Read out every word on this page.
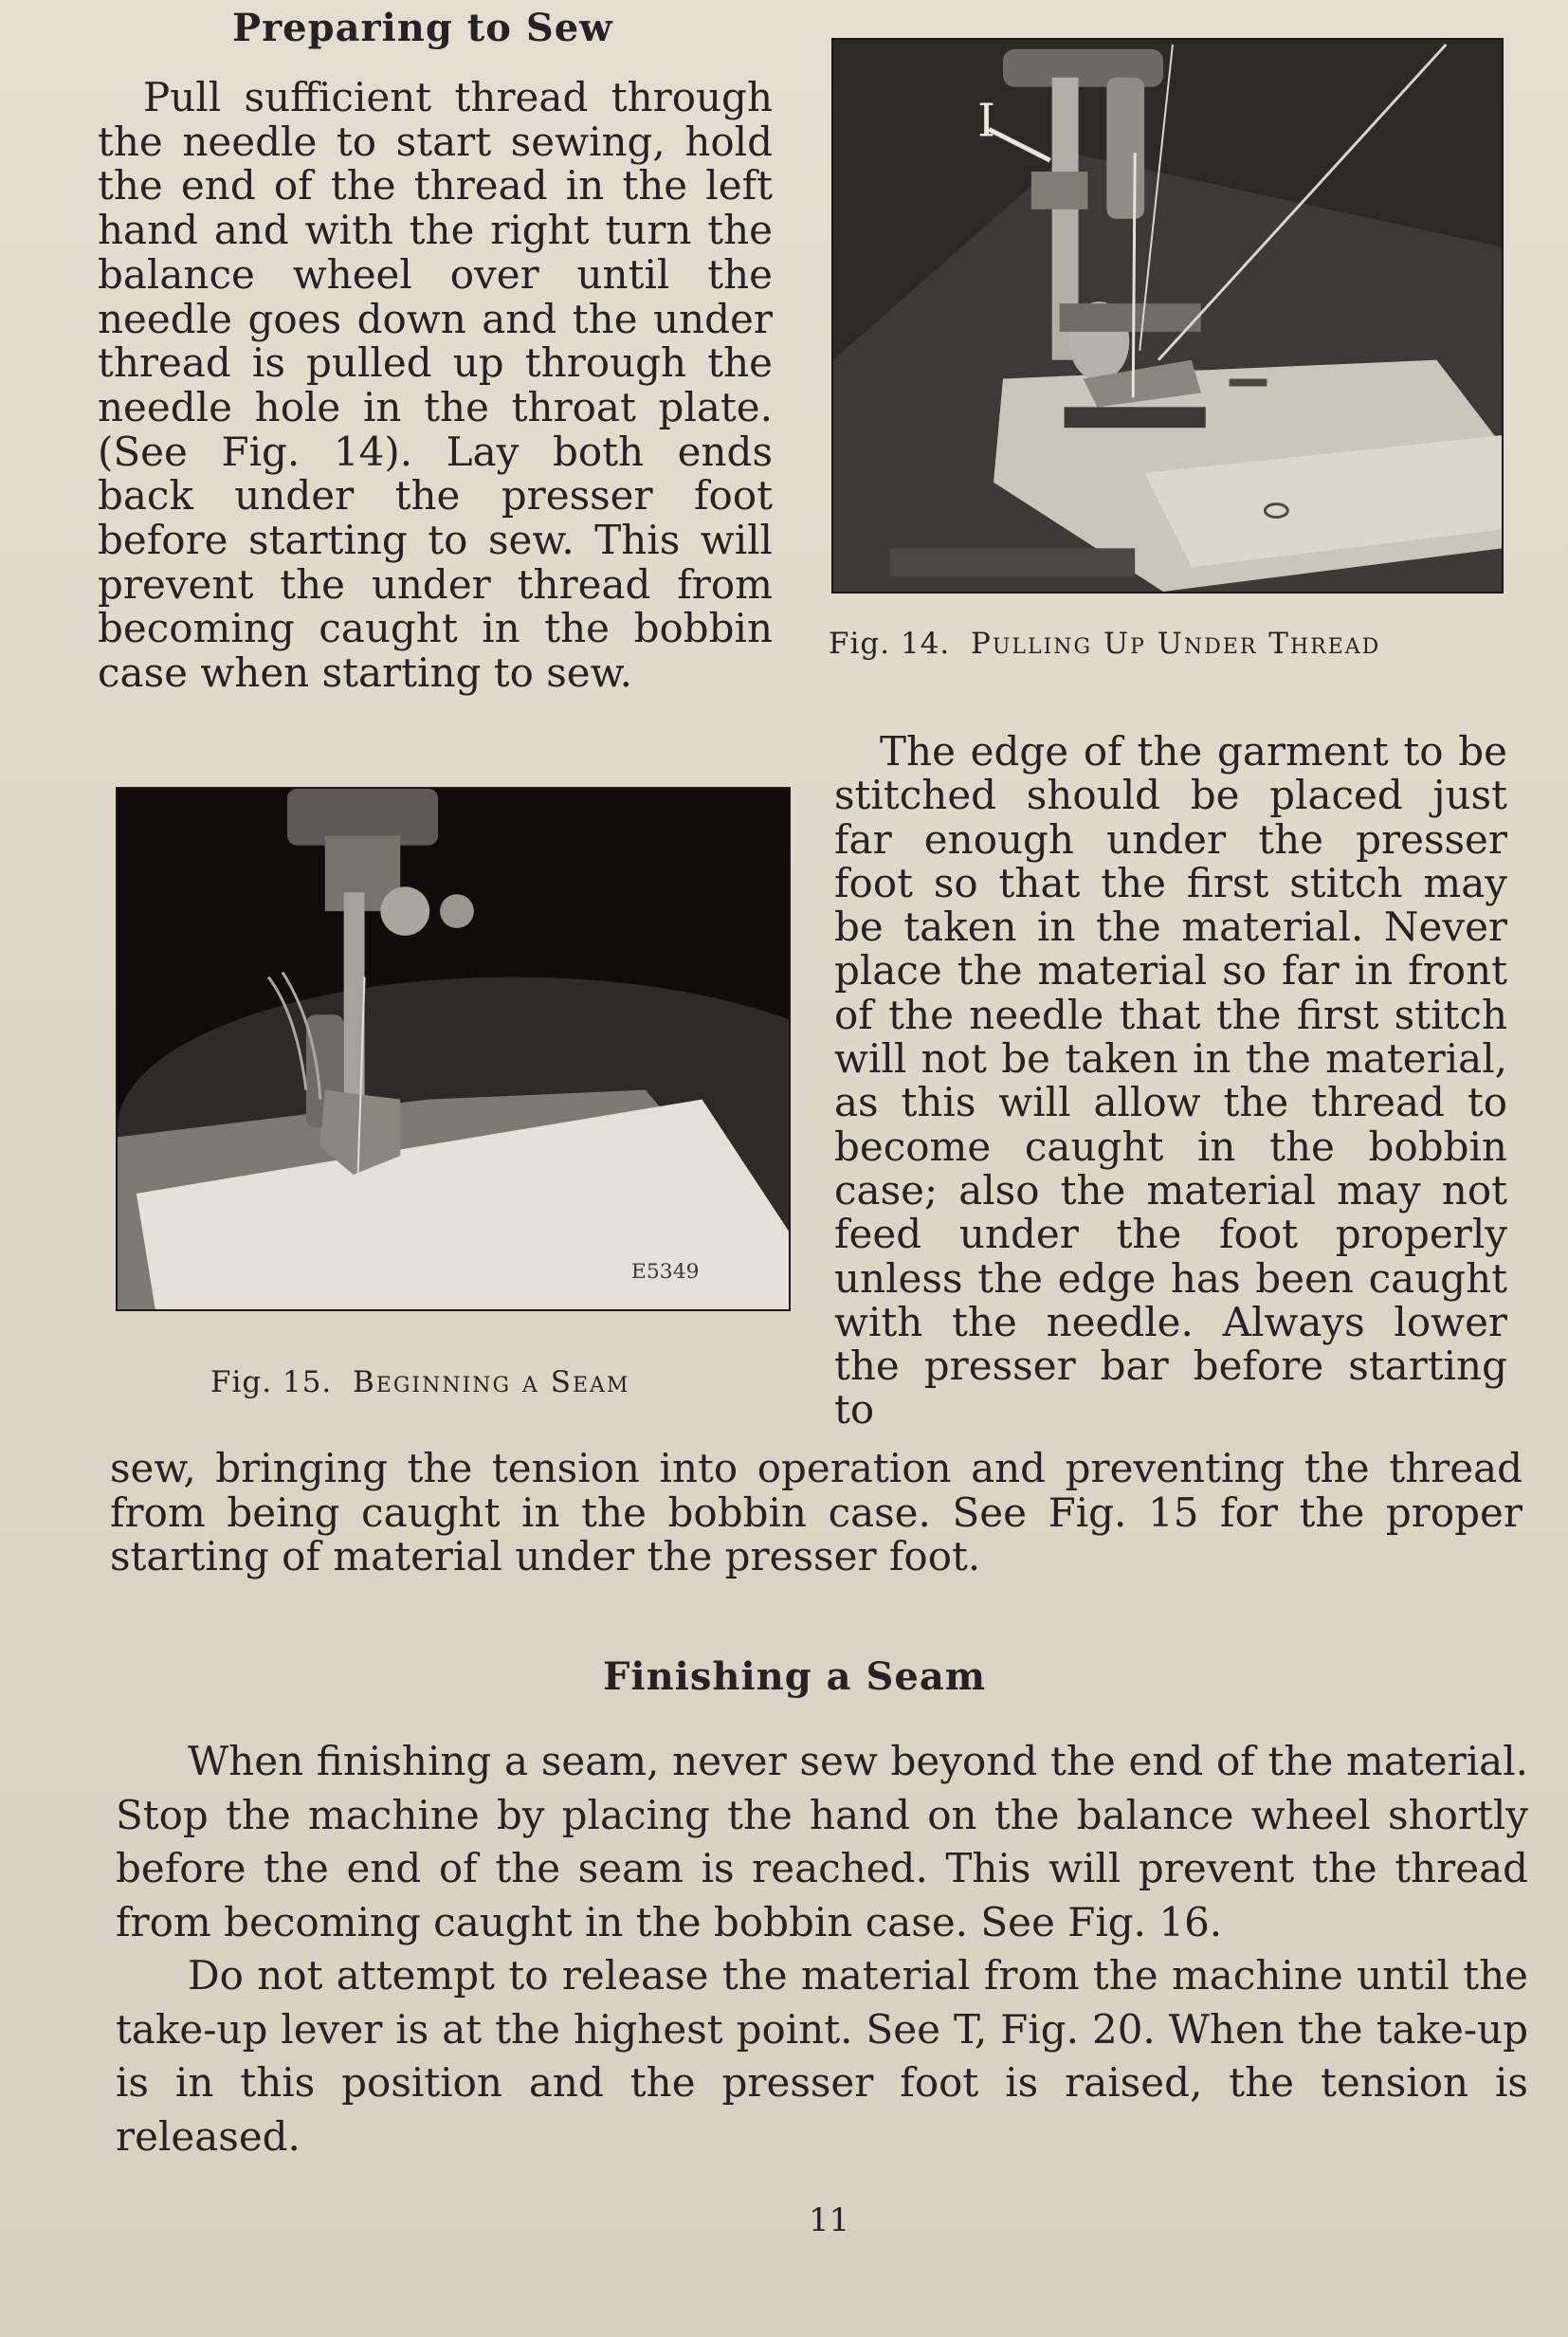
Preparing to Sew

Pull sufficient thread through the needle to start sewing, hold the end of the thread in the left hand and with the right turn the balance wheel over until the needle goes down and the under thread is pulled up through the needle hole in the throat plate. (See Fig. 14). Lay both ends back under the presser foot before starting to sew. This will prevent the under thread from becoming caught in the bobbin case when starting to sew.

I
Fig. 14. Pulling Up Under Thread
E5349
Fig. 15. Beginning a Seam

The edge of the garment to be stitched should be placed just far enough under the presser foot so that the first stitch may be taken in the material. Never place the material so far in front of the needle that the first stitch will not be taken in the material, as this will allow the thread to become caught in the bobbin case; also the material may not feed under the foot properly unless the edge has been caught with the needle. Always lower the presser bar before starting to

sew, bringing the tension into operation and preventing the thread from being caught in the bobbin case. See Fig. 15 for the proper starting of material under the presser foot.

Finishing a Seam

When finishing a seam, never sew beyond the end of the material. Stop the machine by placing the hand on the balance wheel shortly before the end of the seam is reached. This will prevent the thread from becoming caught in the bobbin case. See Fig. 16.

Do not attempt to release the material from the machine until the take-up lever is at the highest point. See T, Fig. 20. When the take-up is in this position and the presser foot is raised, the tension is released.

11
